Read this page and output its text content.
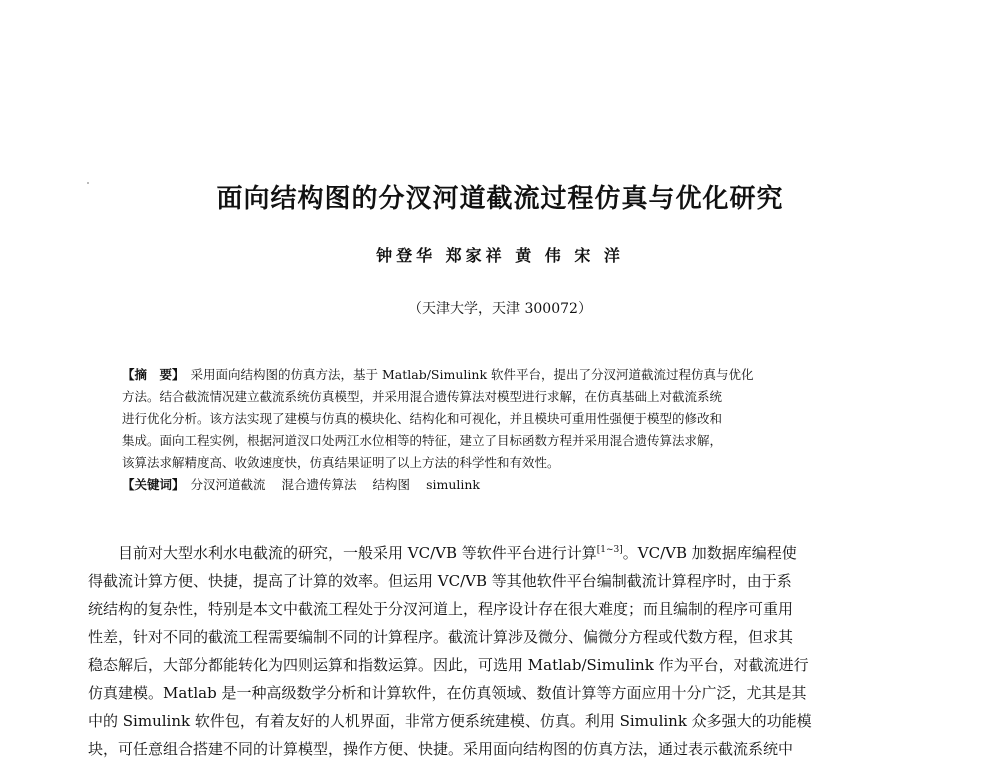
面向结构图的分汊河道截流过程仿真与优化研究
钟登华 郑家祥 黄 伟 宋 洋
（天津大学，天津 300072）
【摘　要】 采用面向结构图的仿真方法，基于 Matlab/Simulink 软件平台，提出了分汊河道截流过程仿真与优化
方法。结合截流情况建立截流系统仿真模型，并采用混合遗传算法对模型进行求解，在仿真基础上对截流系统
进行优化分析。该方法实现了建模与仿真的模块化、结构化和可视化，并且模块可重用性强便于模型的修改和
集成。面向工程实例，根据河道汊口处两江水位相等的特征，建立了目标函数方程并采用混合遗传算法求解，
该算法求解精度高、收敛速度快，仿真结果证明了以上方法的科学性和有效性。
【关键词】 分汊河道截流 混合遗传算法 结构图 simulink
目前对大型水利水电截流的研究，一般采用 VC/VB 等软件平台进行计算[1~3]。VC/VB 加数据库编程使
得截流计算方便、快捷，提高了计算的效率。但运用 VC/VB 等其他软件平台编制截流计算程序时，由于系
统结构的复杂性，特别是本文中截流工程处于分汊河道上，程序设计存在很大难度；而且编制的程序可重用
性差，针对不同的截流工程需要编制不同的计算程序。截流计算涉及微分、偏微分方程或代数方程，但求其
稳态解后，大部分都能转化为四则运算和指数运算。因此，可选用 Matlab/Simulink 作为平台，对截流进行
仿真建模。Matlab 是一种高级数学分析和计算软件，在仿真领域、数值计算等方面应用十分广泛，尤其是其
中的 Simulink 软件包，有着友好的人机界面，非常方便系统建模、仿真。利用 Simulink 众多强大的功能模
块，可任意组合搭建不同的计算模型，操作方便、快捷。采用面向结构图的仿真方法，通过表示截流系统中
